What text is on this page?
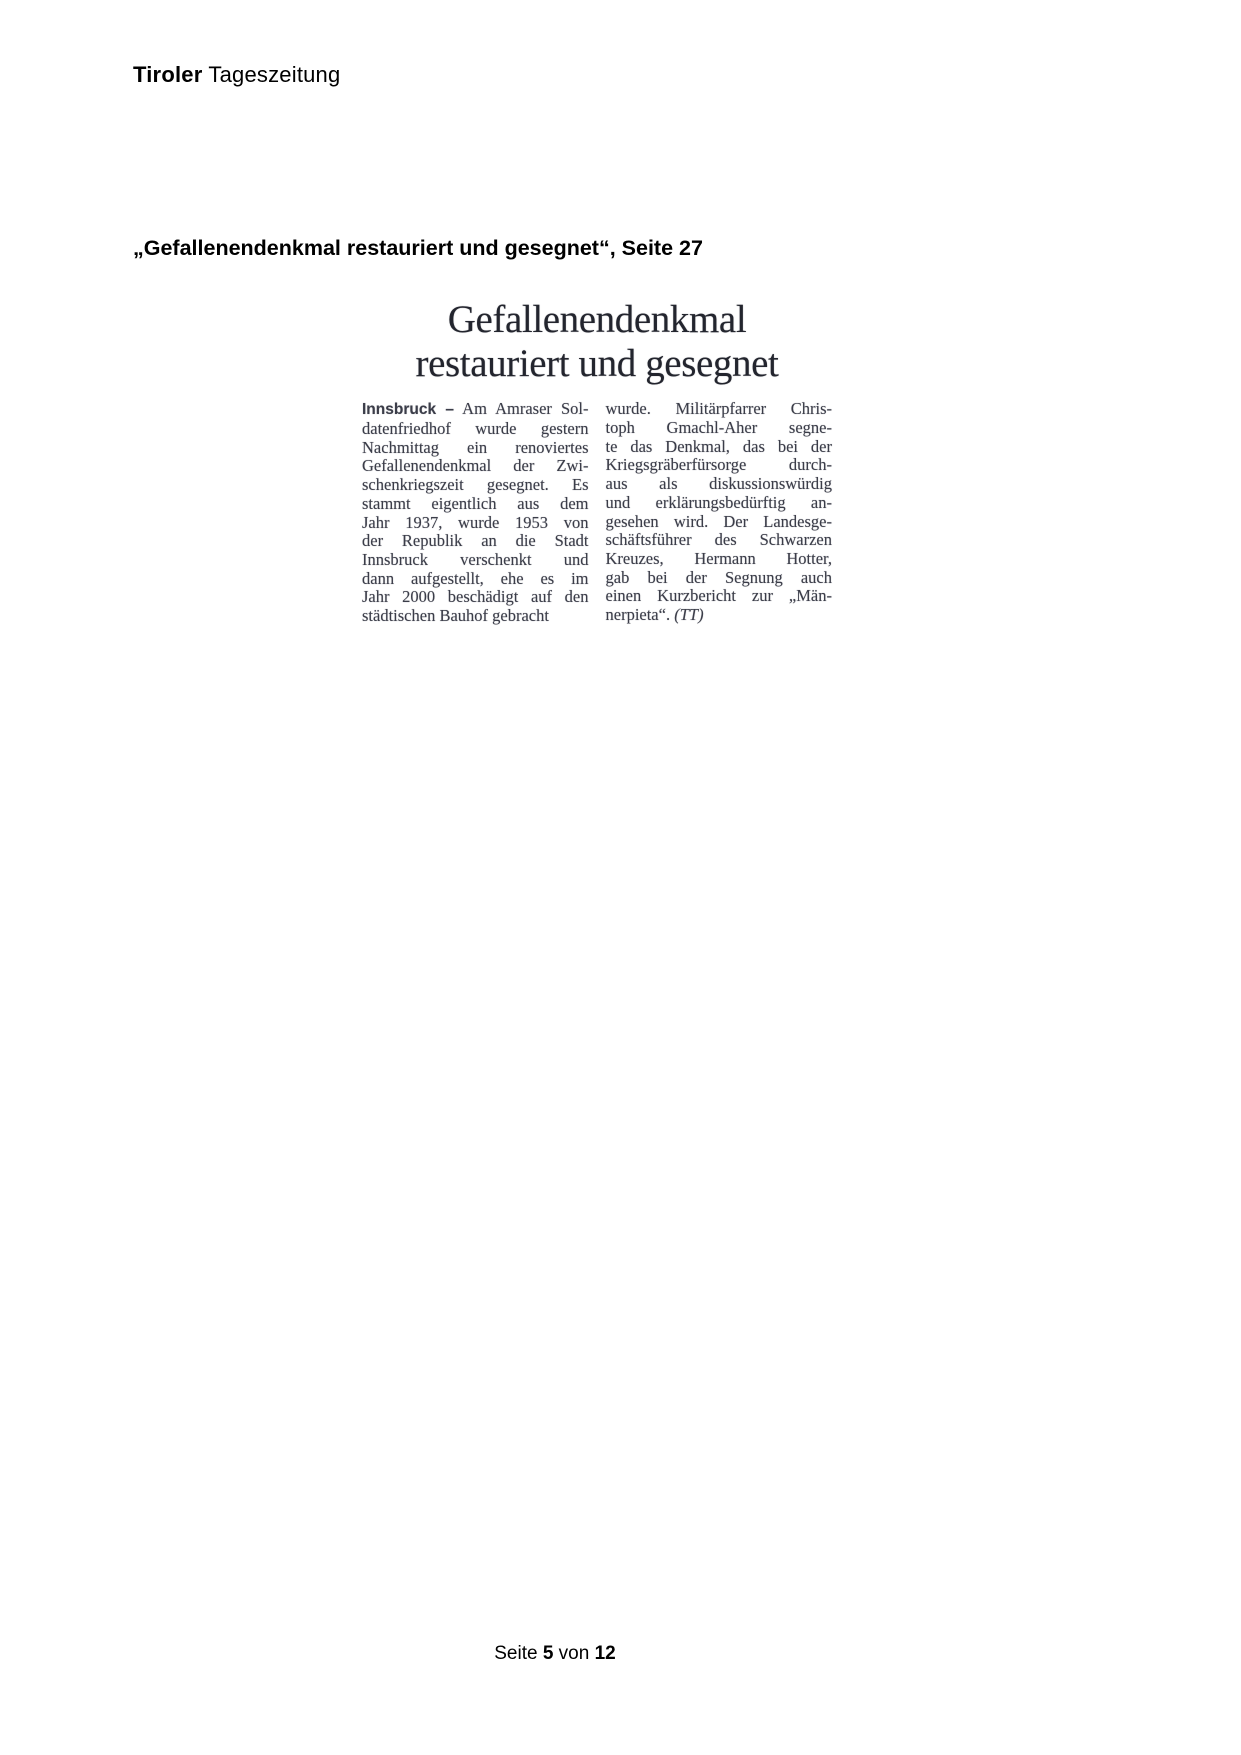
Tiroler Tageszeitung
„Gefallenendenkmal restauriert und gesegnet“, Seite 27
Gefallenendenkmal
restauriert und gesegnet
Innsbruck – Am Amraser Sol-
datenfriedhof wurde gestern
Nachmittag ein renoviertes
Gefallenendenkmal der Zwi-
schenkriegszeit gesegnet. Es
stammt eigentlich aus dem
Jahr 1937, wurde 1953 von
der Republik an die Stadt
Innsbruck verschenkt und
dann aufgestellt, ehe es im
Jahr 2000 beschädigt auf den
städtischen Bauhof gebracht
wurde. Militärpfarrer Chris-
toph Gmachl-Aher segne-
te das Denkmal, das bei der
Kriegsgräberfürsorge durch-
aus als diskussionswürdig
und erklärungsbedürftig an-
gesehen wird. Der Landesge-
schäftsführer des Schwarzen
Kreuzes, Hermann Hotter,
gab bei der Segnung auch
einen Kurzbericht zur „Män-
nerpieta“. (TT)
Seite 5 von 12
